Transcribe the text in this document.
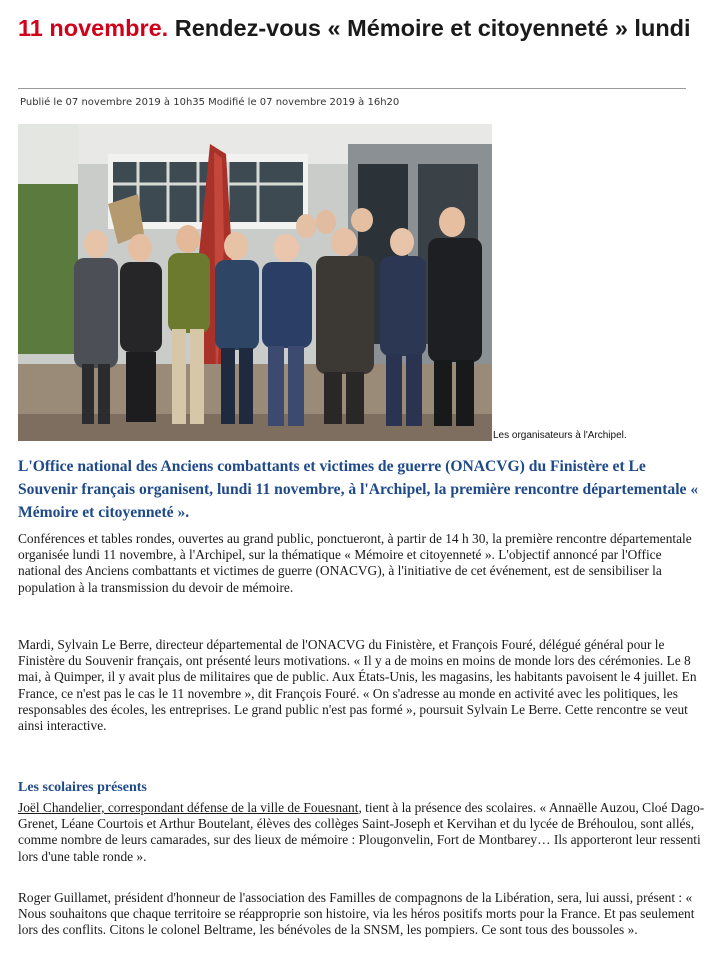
11 novembre. Rendez-vous « Mémoire et citoyenneté » lundi
Publié le 07 novembre 2019 à 10h35 Modifié le 07 novembre 2019 à 16h20
Les organisateurs à l'Archipel.

L'Office national des Anciens combattants et victimes de guerre (ONACVG) du Finistère et Le Souvenir français organisent, lundi 11 novembre, à l'Archipel, la première rencontre départementale « Mémoire et citoyenneté ».

Conférences et tables rondes, ouvertes au grand public, ponctueront, à partir de 14 h 30, la première rencontre départementale organisée lundi 11 novembre, à l'Archipel, sur la thématique « Mémoire et citoyenneté ». L'objectif annoncé par l'Office national des Anciens combattants et victimes de guerre (ONACVG), à l'initiative de cet événement, est de sensibiliser la population à la transmission du devoir de mémoire.

Mardi, Sylvain Le Berre, directeur départemental de l'ONACVG du Finistère, et François Fouré, délégué général pour le Finistère du Souvenir français, ont présenté leurs motivations. « Il y a de moins en moins de monde lors des cérémonies. Le 8 mai, à Quimper, il y avait plus de militaires que de public. Aux États-Unis, les magasins, les habitants pavoisent le 4 juillet. En France, ce n'est pas le cas le 11 novembre », dit François Fouré. « On s'adresse au monde en activité avec les politiques, les responsables des écoles, les entreprises. Le grand public n'est pas formé », poursuit Sylvain Le Berre. Cette rencontre se veut ainsi interactive.

Les scolaires présents

Joël Chandelier, correspondant défense de la ville de Fouesnant, tient à la présence des scolaires. « Annaëlle Auzou, Cloé Dago-Grenet, Léane Courtois et Arthur Boutelant, élèves des collèges Saint-Joseph et Kervihan et du lycée de Bréhoulou, sont allés, comme nombre de leurs camarades, sur des lieux de mémoire : Plougonvelin, Fort de Montbarey… Ils apporteront leur ressenti lors d'une table ronde ».

Roger Guillamet, président d'honneur de l'association des Familles de compagnons de la Libération, sera, lui aussi, présent : « Nous souhaitons que chaque territoire se réapproprie son histoire, via les héros positifs morts pour la France. Et pas seulement lors des conflits. Citons le colonel Beltrame, les bénévoles de la SNSM, les pompiers. Ce sont tous des boussoles ».
